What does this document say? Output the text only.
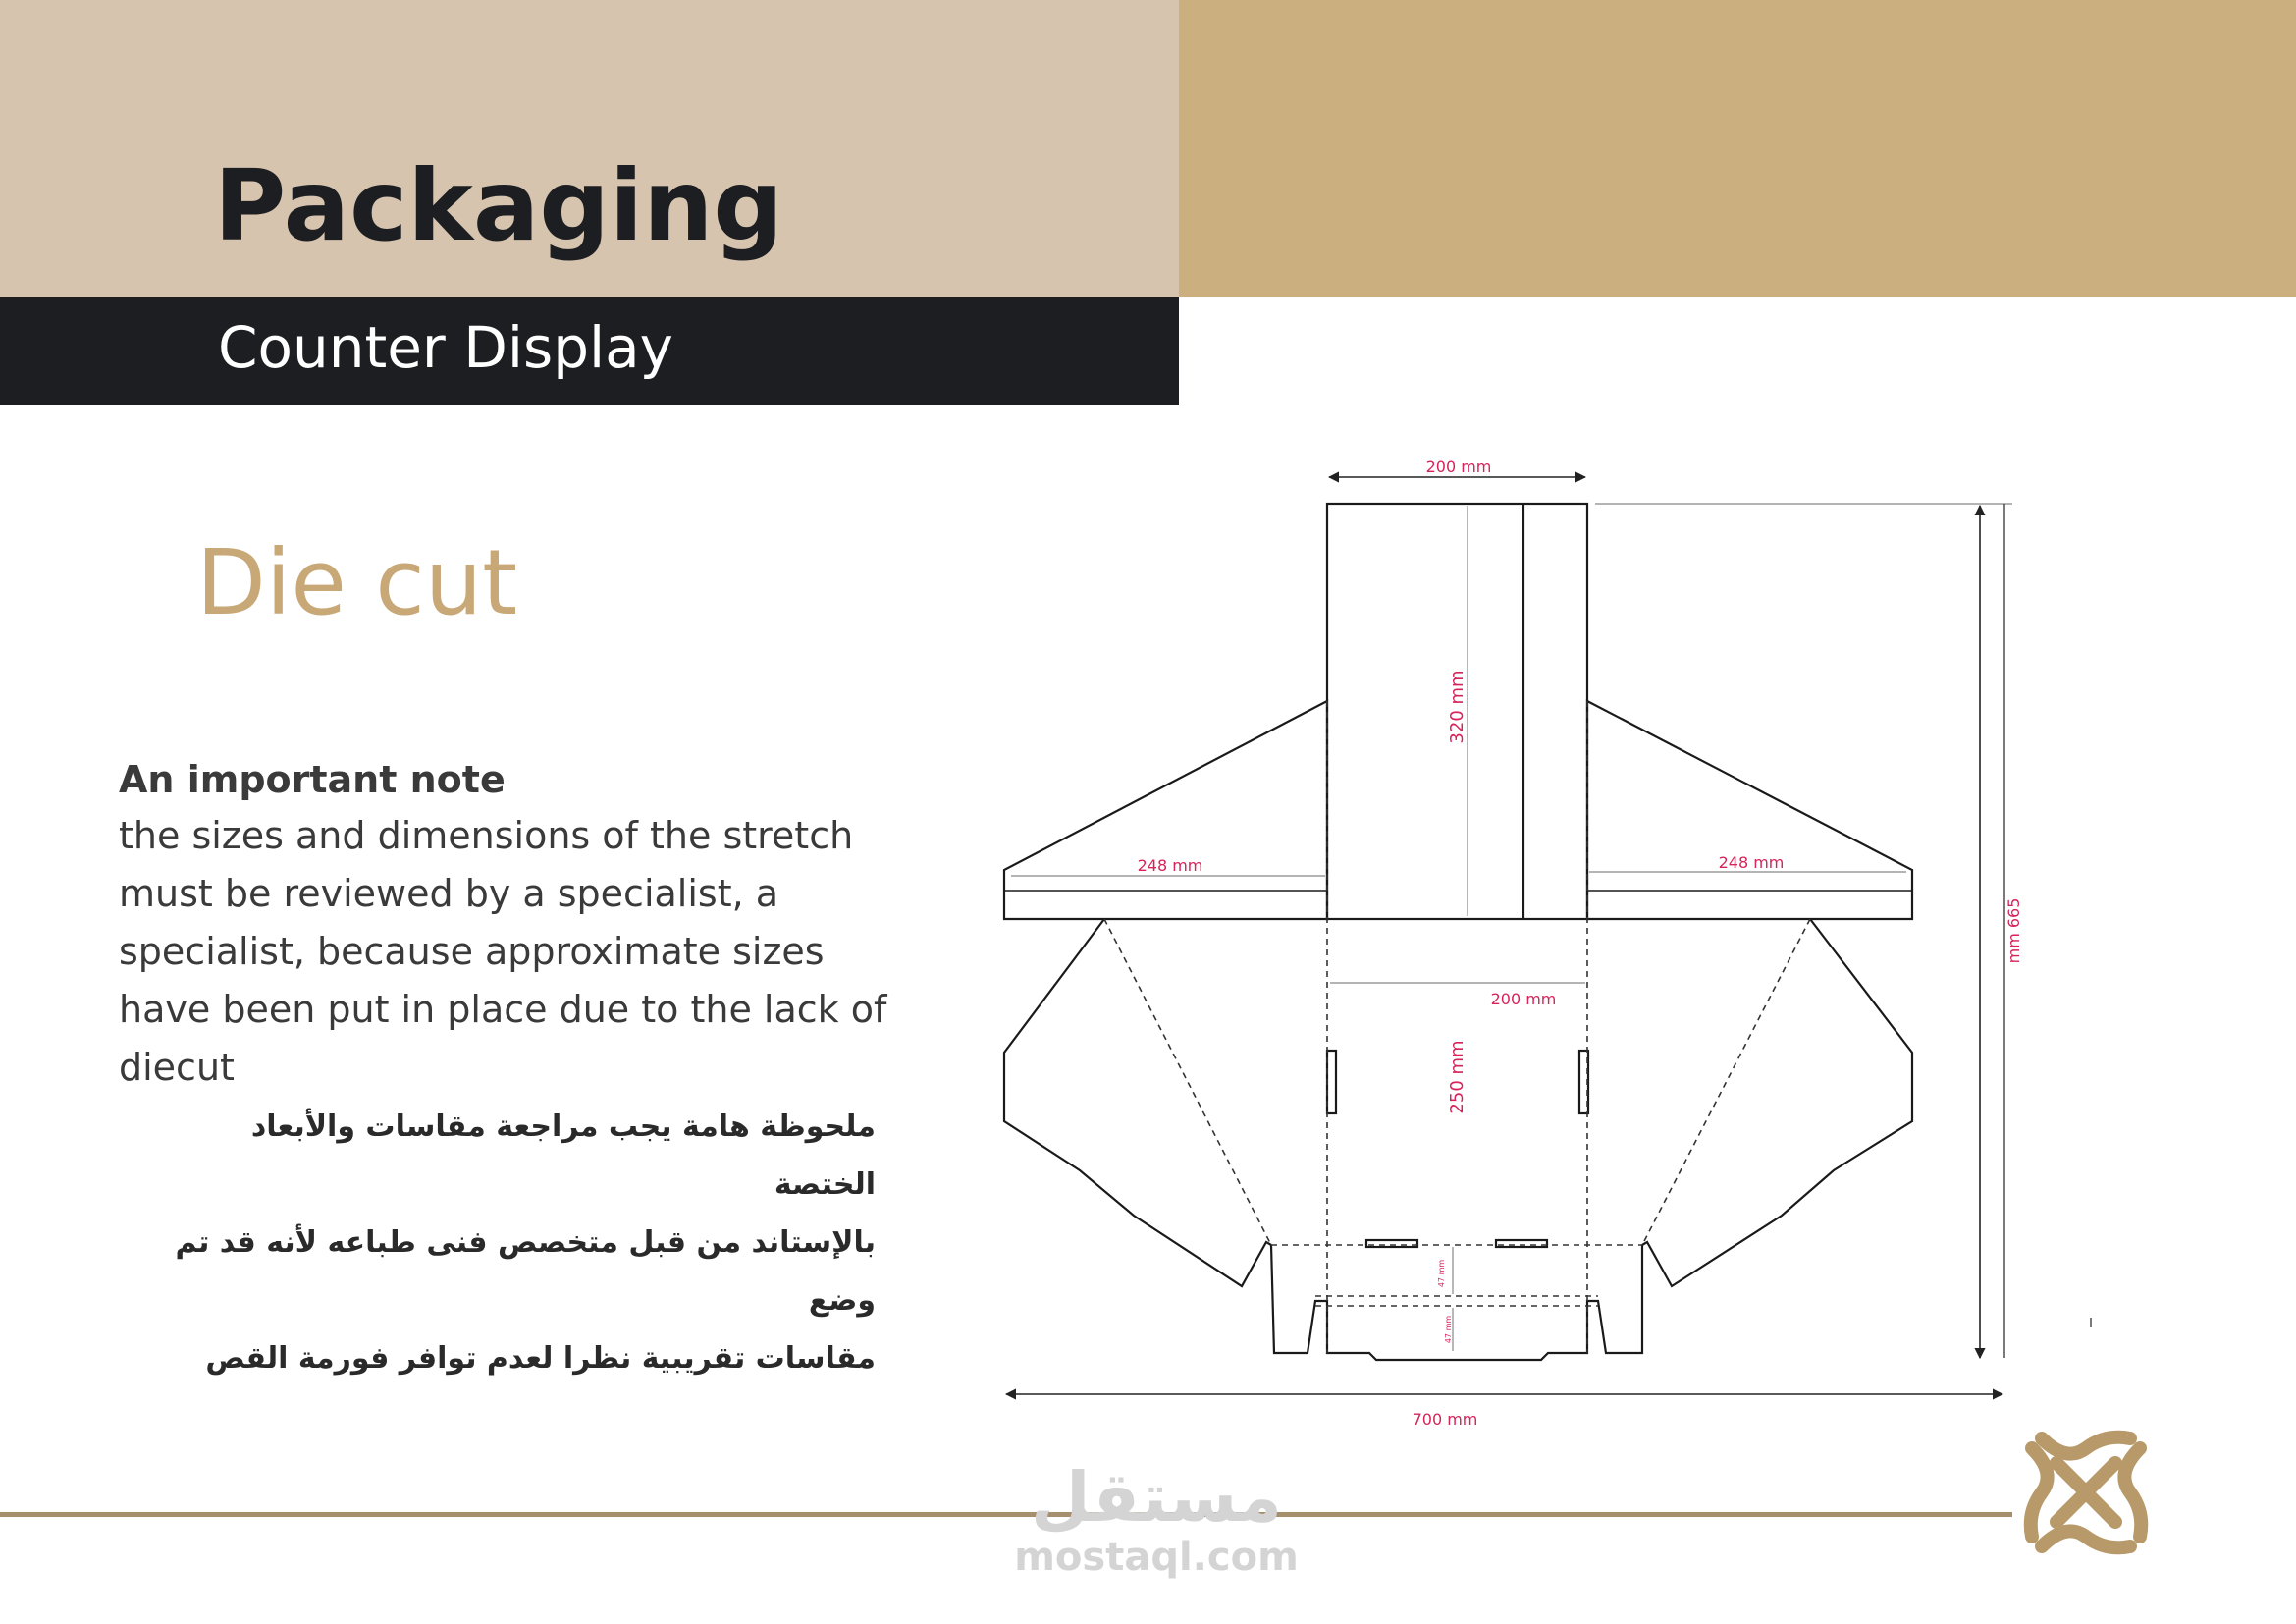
Packaging
Counter Display
Die cut
An important note
the sizes and dimensions of the stretch must be reviewed by a specialist, a specialist, because approximate sizes have been put in place due to the lack of diecut
ملحوظة هامة يجب مراجعة مقاسات والأبعاد الختصة
بالإستاند من قبل متخصص فنى طباعه لأنه قد تم وضع
مقاسات تقريبية نظرا لعدم توافر فورمة القص
200 mm
320 mm
248 mm	248 mm
200 mm
250 mm
47 mm
47 mm
mm 665
700 mm
مستقل
mostaql.com
